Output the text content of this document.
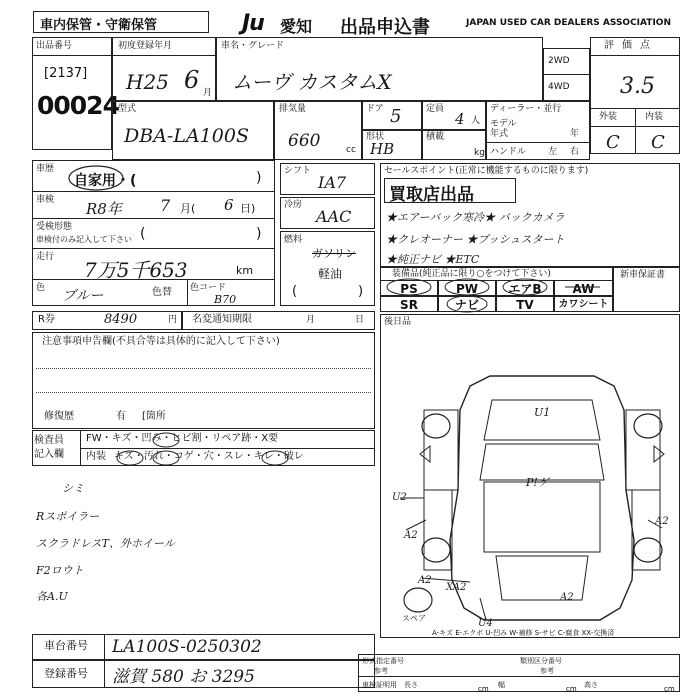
車内保管・守衛保管	Ju 愛知 出品申込書	JAPAN USED CAR DEALERS ASSOCIATION
出品番号
[2137]
00024
初度登録年月
H25 6 月
車名・グレード
ムーヴ カスタムX
2WD
4WD
評価点
3.5
外装	内装
C C
型式
DBA-LA100S
排気量
660	cc
ドア 5	定員
4 人
形状
HB
積載
kg
ディーラー・並行
モデル
年式	年
ハンドル 左 右
車歴
自家用・(	)
車検 R8年 7 月( 6 日)
受検形態
車検付のみ記入して下さい (	)
走行
7万5千653	km
色 ブルー	色替 色コード
B70
シフト
IA7
冷房
AAC
燃料
ガソリン
軽油
(	)
セールスポイント(正常に機能するものに限ります)
買取店出品
★エアーバック寒冷★ バックカメラ
★クレオーナー ★プッシュスタート
★純正ナビ ★ETC
装備品(純正品に限り○をつけて下さい)
PS	PW	エアB	AW
SR	ナビ	TV	カワシート
新車保証書
R券	8490	円 名変通知期限	月	日
注意事項申告欄(不具合等は具体的に記入して下さい)
修復歴	有 [箇所
検査員
記入欄
FW・キズ・凹み・ヒビ割・リペア跡・X要
内装 キズ・汚れ・コゲ・穴・スレ・キレ・破レ
シミ
Rスポイラー
スクラドレスT、外ホイール
F2ロウト
各A.U
後日品
U1
P!ゲ
U2
A2
A2
A2
XA2
U4
A2
スペア
A-キズ E-エクボ U-凹み W-補修 S-サビ C-腐食 XX-交換済
車台番号 LA100S-0250302
登録番号 滋賀 580 お 3295
形式指定番号	類別区分番号
参考	参考
車検証明用 長さ	cm 幅	cm 高さ	cm
